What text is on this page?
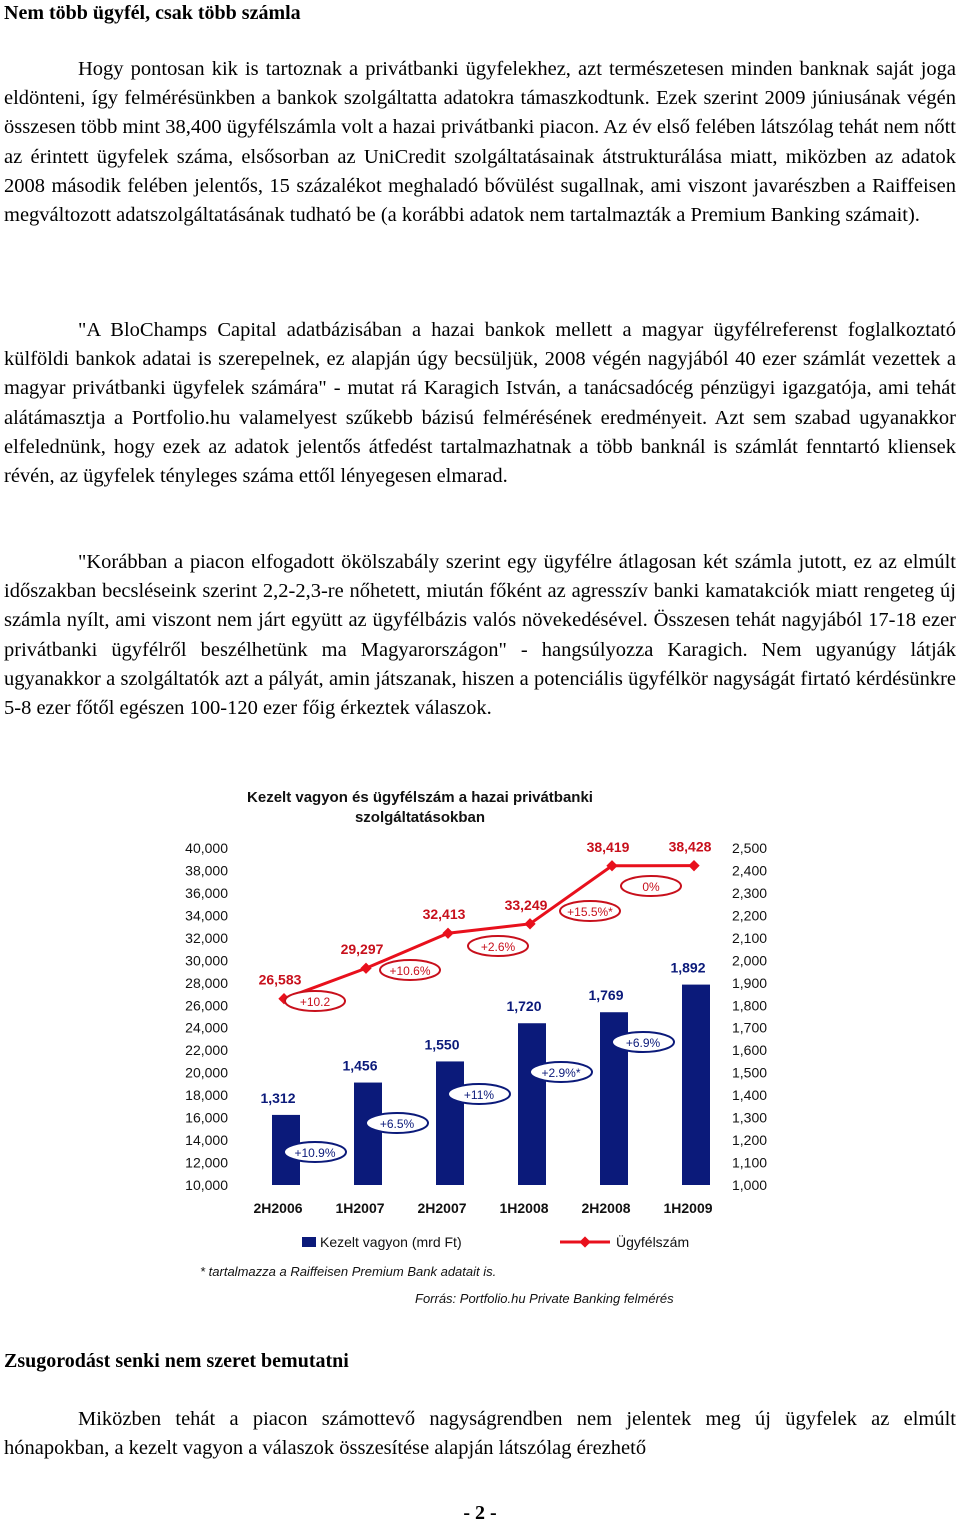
Nem több ügyfél, csak több számla

Hogy pontosan kik is tartoznak a privátbanki ügyfelekhez, azt természetesen minden banknak saját joga eldönteni, így felmérésünkben a bankok szolgáltatta adatokra támaszkodtunk. Ezek szerint 2009 júniusának végén összesen több mint 38,400 ügyfélszámla volt a hazai privátbanki piacon. Az év első felében látszólag tehát nem nőtt az érintett ügyfelek száma, elsősorban az UniCredit szolgáltatásainak átstrukturálása miatt, miközben az adatok 2008 második felében jelentős, 15 százalékot meghaladó bővülést sugallnak, ami viszont javarészben a Raiffeisen megváltozott adatszolgáltatásának tudható be (a korábbi adatok nem tartalmazták a Premium Banking számait).

"A BloChamps Capital adatbázisában a hazai bankok mellett a magyar ügyfélreferenst foglalkoztató külföldi bankok adatai is szerepelnek, ez alapján úgy becsüljük, 2008 végén nagyjából 40 ezer számlát vezettek a magyar privátbanki ügyfelek számára" - mutat rá Karagich István, a tanácsadócég pénzügyi igazgatója, ami tehát alátámasztja a Portfolio.hu valamelyest szűkebb bázisú felmérésének eredményeit. Azt sem szabad ugyanakkor elfelednünk, hogy ezek az adatok jelentős átfedést tartalmazhatnak a több banknál is számlát fenntartó kliensek révén, az ügyfelek tényleges száma ettől lényegesen elmarad.

"Korábban a piacon elfogadott ökölszabály szerint egy ügyfélre átlagosan két számla jutott, ez az elmúlt időszakban becsléseink szerint 2,2-2,3-re nőhetett, miután főként az agresszív banki kamatakciók miatt rengeteg új számla nyílt, ami viszont nem járt együtt az ügyfélbázis valós növekedésével. Összesen tehát nagyjából 17-18 ezer privátbanki ügyfélről beszélhetünk ma Magyarországon" - hangsúlyozza Karagich. Nem ugyanúgy látják ugyanakkor a szolgáltatók azt a pályát, amin játszanak, hiszen a potenciális ügyfélkör nagyságát firtató kérdésünkre 5-8 ezer főtől egészen 100-120 ezer főig érkeztek válaszok.

Kezelt vagyon és ügyfélszám a hazai privátbanki
szolgáltatásokban
10,000
12,000
14,000
16,000
18,000
20,000
22,000
24,000
26,000
28,000
30,000
32,000
34,000
36,000
38,000
40,000
1,000
1,100
1,200
1,300
1,400
1,500
1,600
1,700
1,800
1,900
2,000
2,100
2,200
2,300
2,400
2,500
1,312
1,456
1,550
1,720
1,769
1,892
+10.9%
+6.5%
+11%
+2.9%*
+6.9%
26,583
29,297
32,413
33,249
38,419	38,428
+10.2
+10.6%
+2.6%
+15.5%*
0%
2H2006 1H2007 2H2007 1H2008 2H2008 1H2009
Kezelt vagyon (mrd Ft)	Ügyfélszám
* tartalmazza a Raiffeisen Premium Bank adatait is.
Forrás: Portfolio.hu Private Banking felmérés
Zsugorodást senki nem szeret bemutatni

Miközben tehát a piacon számottevő nagyságrendben nem jelentek meg új ügyfelek az elmúlt hónapokban, a kezelt vagyon a válaszok összesítése alapján látszólag érezhető

- 2 -
